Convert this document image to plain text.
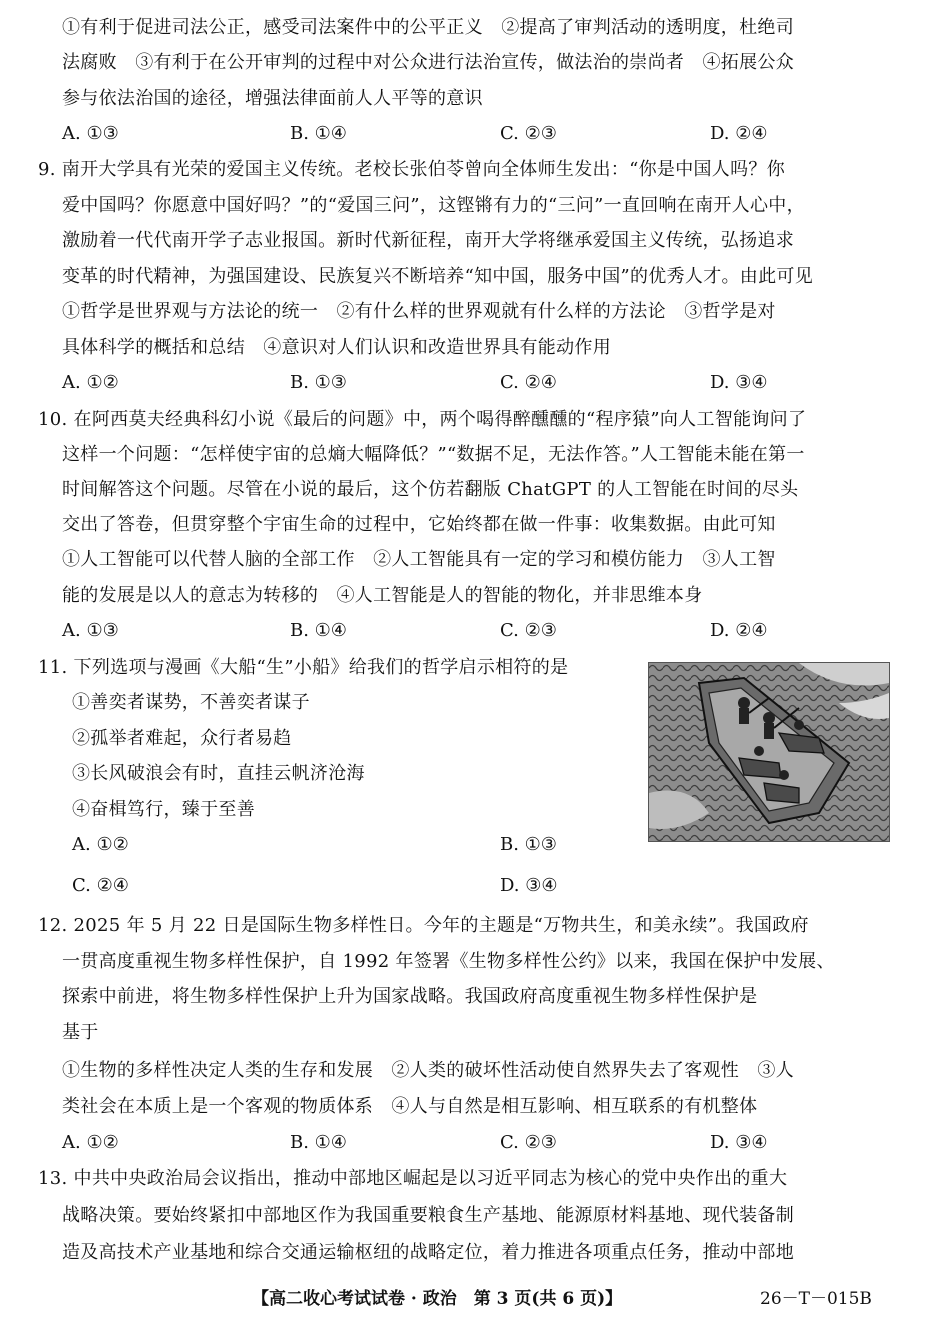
①有利于促进司法公正，感受司法案件中的公平正义　②提高了审判活动的透明度，杜绝司
法腐败　③有利于在公开审判的过程中对公众进行法治宣传，做法治的崇尚者　④拓展公众
参与依法治国的途径，增强法律面前人人平等的意识
A. ①③	B. ①④	C. ②③	D. ②④
9. 南开大学具有光荣的爱国主义传统。老校长张伯苓曾向全体师生发出：“你是中国人吗？你
爱中国吗？你愿意中国好吗？”的“爱国三问”，这铿锵有力的“三问”一直回响在南开人心中，
激励着一代代南开学子志业报国。新时代新征程，南开大学将继承爱国主义传统，弘扬追求
变革的时代精神，为强国建设、民族复兴不断培养“知中国，服务中国”的优秀人才。由此可见
①哲学是世界观与方法论的统一　②有什么样的世界观就有什么样的方法论　③哲学是对
具体科学的概括和总结　④意识对人们认识和改造世界具有能动作用
A. ①②	B. ①③	C. ②④	D. ③④
10. 在阿西莫夫经典科幻小说《最后的问题》中，两个喝得醉醺醺的“程序猿”向人工智能询问了
这样一个问题：“怎样使宇宙的总熵大幅降低？”“数据不足，无法作答。”人工智能未能在第一
时间解答这个问题。尽管在小说的最后，这个仿若翻版 ChatGPT 的人工智能在时间的尽头
交出了答卷，但贯穿整个宇宙生命的过程中，它始终都在做一件事：收集数据。由此可知
①人工智能可以代替人脑的全部工作　②人工智能具有一定的学习和模仿能力　③人工智
能的发展是以人的意志为转移的　④人工智能是人的智能的物化，并非思维本身
A. ①③	B. ①④	C. ②③	D. ②④
11. 下列选项与漫画《大船“生”小船》给我们的哲学启示相符的是
①善奕者谋势，不善奕者谋子
②孤举者难起，众行者易趋
③长风破浪会有时，直挂云帆济沧海
④奋楫笃行，臻于至善
A. ①②	B. ①③
C. ②④	D. ③④
12. 2025 年 5 月 22 日是国际生物多样性日。今年的主题是“万物共生，和美永续”。我国政府
一贯高度重视生物多样性保护，自 1992 年签署《生物多样性公约》以来，我国在保护中发展、
探索中前进，将生物多样性保护上升为国家战略。我国政府高度重视生物多样性保护是
基于
①生物的多样性决定人类的生存和发展　②人类的破坏性活动使自然界失去了客观性　③人
类社会在本质上是一个客观的物质体系　④人与自然是相互影响、相互联系的有机整体
A. ①②	B. ①④	C. ②③	D. ③④
13. 中共中央政治局会议指出，推动中部地区崛起是以习近平同志为核心的党中央作出的重大
战略决策。要始终紧扣中部地区作为我国重要粮食生产基地、能源原材料基地、现代装备制
造及高技术产业基地和综合交通运输枢纽的战略定位，着力推进各项重点任务，推动中部地
【高二收心考试试卷 · 政治　第 3 页(共 6 页)】	26－T－015B
